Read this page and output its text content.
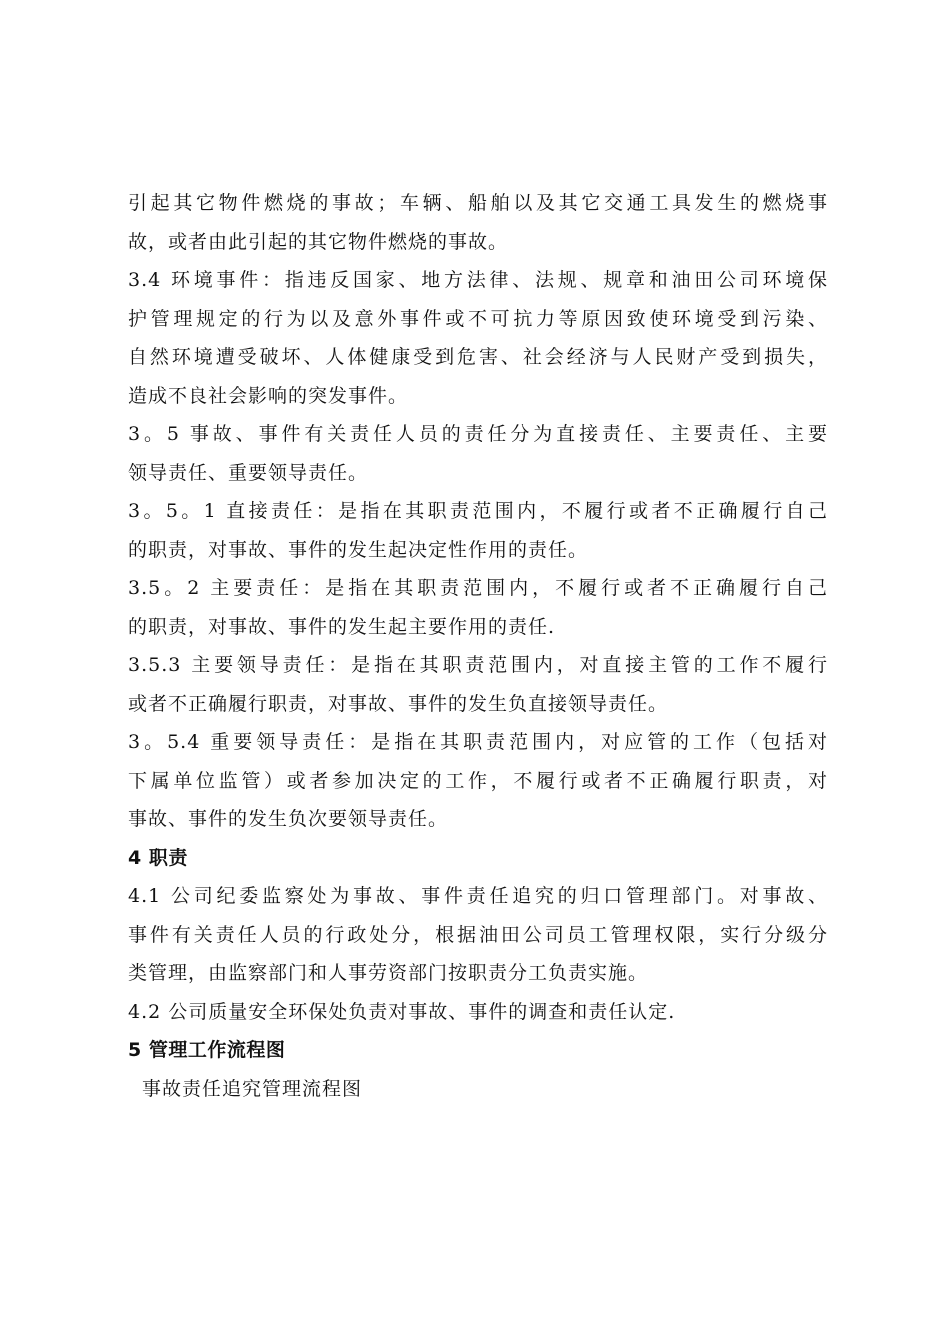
引起其它物件燃烧的事故；车辆、船舶以及其它交通工具发生的燃烧事
故，或者由此引起的其它物件燃烧的事故。
3.4 环境事件：指违反国家、地方法律、法规、规章和油田公司环境保
护管理规定的行为以及意外事件或不可抗力等原因致使环境受到污染、
自然环境遭受破坏、人体健康受到危害、社会经济与人民财产受到损失，
造成不良社会影响的突发事件。
3。5 事故、事件有关责任人员的责任分为直接责任、主要责任、主要
领导责任、重要领导责任。
3。5。1 直接责任：是指在其职责范围内，不履行或者不正确履行自己
的职责，对事故、事件的发生起决定性作用的责任。
3.5。2 主要责任：是指在其职责范围内，不履行或者不正确履行自己
的职责，对事故、事件的发生起主要作用的责任.
3.5.3 主要领导责任：是指在其职责范围内，对直接主管的工作不履行
或者不正确履行职责，对事故、事件的发生负直接领导责任。
3。5.4 重要领导责任：是指在其职责范围内，对应管的工作（包括对
下属单位监管）或者参加决定的工作，不履行或者不正确履行职责，对
事故、事件的发生负次要领导责任。
4 职责
4.1 公司纪委监察处为事故、事件责任追究的归口管理部门。对事故、
事件有关责任人员的行政处分，根据油田公司员工管理权限，实行分级分
类管理，由监察部门和人事劳资部门按职责分工负责实施。
4.2 公司质量安全环保处负责对事故、事件的调查和责任认定.
5 管理工作流程图
事故责任追究管理流程图
